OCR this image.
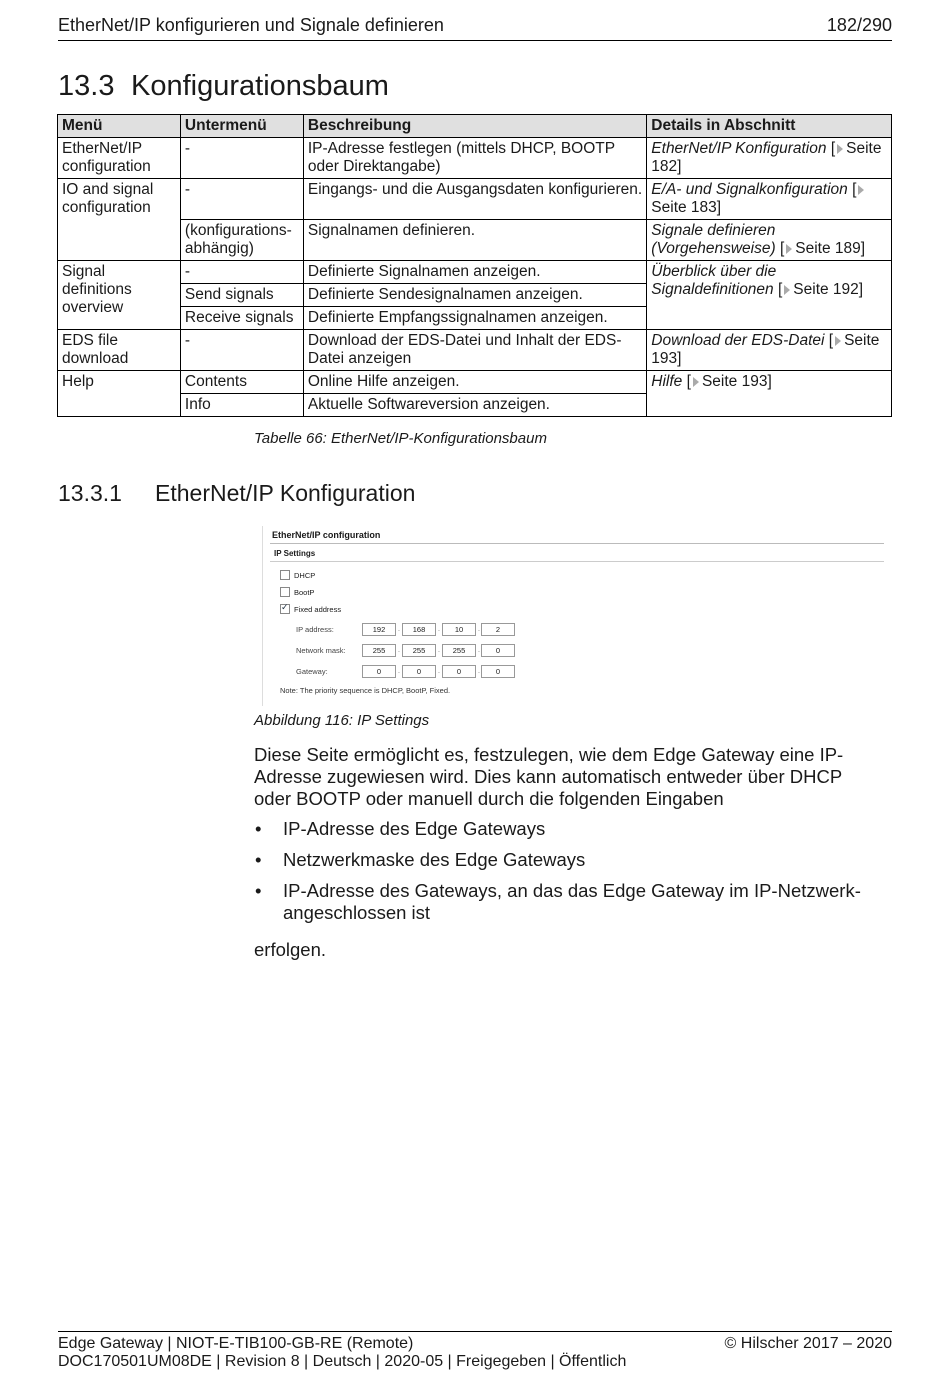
EtherNet/IP konfigurieren und Signale definieren	182/290
13.3 Konfigurationsbaum
Menü	Untermenü	Beschreibung	Details in Abschnitt
EtherNet/IP configuration	-	IP-Adresse festlegen (mittels DHCP, BOOTP oder Direktangabe)	EtherNet/IP Konfiguration [ Seite 182]
IO and signal configuration	-	Eingangs- und die Ausgangsdaten konfigurieren.	E/A- und Signalkonfiguration [Seite 183]
	(konfigurations-abhängig)	Signalnamen definieren.	Signale definieren (Vorgehensweise) [ Seite 189]
Signal definitions overview	-	Definierte Signalnamen anzeigen.	Überblick über die Signaldefinitionen [ Seite 192]
	Send signals	Definierte Sendesignalnamen anzeigen.	
	Receive signals	Definierte Empfangssignalnamen anzeigen.	
EDS file download	-	Download der EDS-Datei und Inhalt der EDS-Datei anzeigen	Download der EDS-Datei [ Seite 193]
Help	Contents	Online Hilfe anzeigen.	Hilfe [ Seite 193]
	Info	Aktuelle Softwareversion anzeigen.	
Tabelle 66: EtherNet/IP-Konfigurationsbaum
13.3.1 EtherNet/IP Konfiguration
EtherNet/IP configuration
IP Settings
DHCP
BootP
✓
Fixed address
IP address:	192	.	168	.	10	.	2
Network mask:	255	.	255	.	255	.	0
Gateway:	0	.	0	.	0	.	0
Note: The priority sequence is DHCP, BootP, Fixed.
Abbildung 116: IP Settings
Diese Seite ermöglicht es, festzulegen, wie dem Edge Gateway eine IP-Adresse zugewiesen wird. Dies kann automatisch entweder über DHCP oder BOOTP oder manuell durch die folgenden Eingaben
• IP-Adresse des Edge Gateways
• Netzwerkmaske des Edge Gateways
• IP-Adresse des Gateways, an das das Edge Gateway im IP-Netzwerk-angeschlossen ist
erfolgen.
Edge Gateway | NIOT-E-TIB100-GB-RE (Remote)
DOC170501UM08DE | Revision 8 | Deutsch | 2020-05 | Freigegeben | Öffentlich
© Hilscher 2017 – 2020
